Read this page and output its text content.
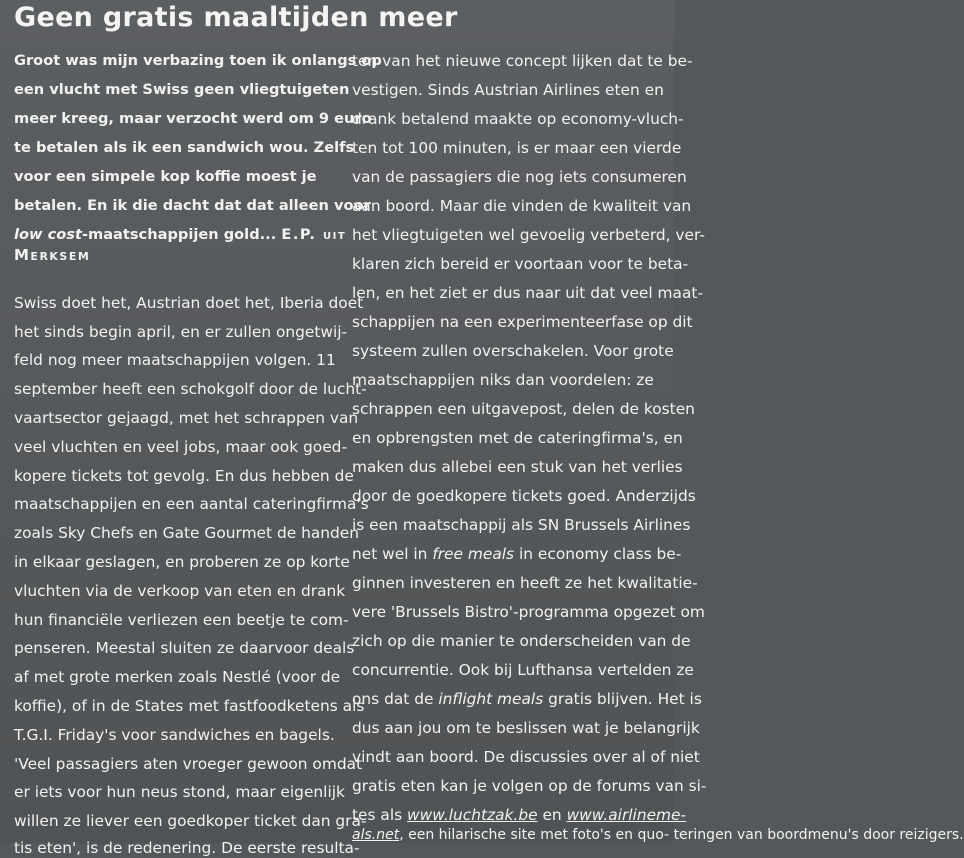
Geen gratis maaltijden meer
Groot was mijn verbazing toen ik onlangs op
een vlucht met Swiss geen vliegtuigeten
meer kreeg, maar verzocht werd om 9 euro
te betalen als ik een sandwich wou. Zelfs
voor een simpele kop koffie moest je
betalen. En ik die dacht dat dat alleen voor
low cost-maatschappijen gold... E.P. uit
Merksem
Swiss doet het, Austrian doet het, Iberia doet
het sinds begin april, en er zullen ongetwij-
feld nog meer maatschappijen volgen. 11
september heeft een schokgolf door de lucht-
vaartsector gejaagd, met het schrappen van
veel vluchten en veel jobs, maar ook goed-
kopere tickets tot gevolg. En dus hebben de
maatschappijen en een aantal cateringfirma's
zoals Sky Chefs en Gate Gourmet de handen
in elkaar geslagen, en proberen ze op korte
vluchten via de verkoop van eten en drank
hun financiële verliezen een beetje te com-
penseren. Meestal sluiten ze daarvoor deals
af met grote merken zoals Nestlé (voor de
koffie), of in de States met fastfoodketens als
T.G.I. Friday's voor sandwiches en bagels.
'Veel passagiers aten vroeger gewoon omdat
er iets voor hun neus stond, maar eigenlijk
willen ze liever een goedkoper ticket dan gra-
tis eten', is de redenering. De eerste resulta-
ten van het nieuwe concept lijken dat te be-
vestigen. Sinds Austrian Airlines eten en
drank betalend maakte op economy-vluch-
ten tot 100 minuten, is er maar een vierde
van de passagiers die nog iets consumeren
aan boord. Maar die vinden de kwaliteit van
het vliegtuigeten wel gevoelig verbeterd, ver-
klaren zich bereid er voortaan voor te beta-
len, en het ziet er dus naar uit dat veel maat-
schappijen na een experimenteerfase op dit
systeem zullen overschakelen. Voor grote
maatschappijen niks dan voordelen: ze
schrappen een uitgavepost, delen de kosten
en opbrengsten met de cateringfirma's, en
maken dus allebei een stuk van het verlies
door de goedkopere tickets goed. Anderzijds
is een maatschappij als SN Brussels Airlines
net wel in free meals in economy class be-
ginnen investeren en heeft ze het kwalitatie-
vere 'Brussels Bistro'-programma opgezet om
zich op die manier te onderscheiden van de
concurrentie. Ook bij Lufthansa vertelden ze
ons dat de inflight meals gratis blijven. Het is
dus aan jou om te beslissen wat je belangrijk
vindt aan boord. De discussies over al of niet
gratis eten kan je volgen op de forums van si-
tes als www.luchtzak.be en www.airlineme-
als.net, een hilarische site met foto's en quo- teringen van boordmenu's door reizigers.
